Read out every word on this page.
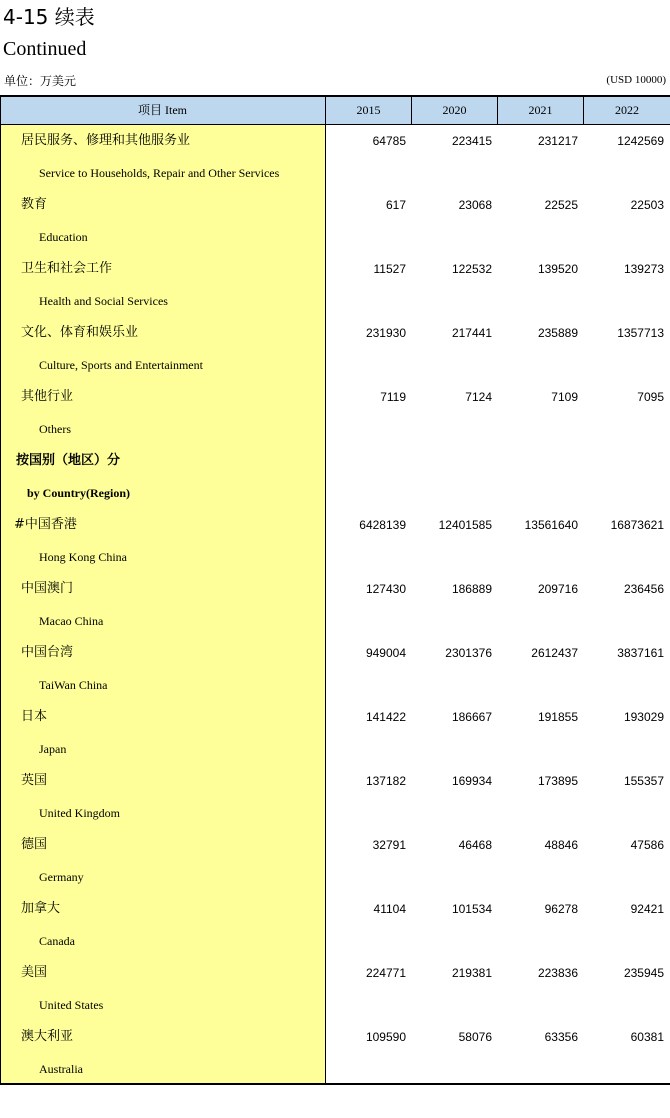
4-15 续表
Continued
单位：万美元	(USD 10000)
项目 Item	2015	2020	2021	2022
居民服务、修理和其他服务业	64785	223415	231217	1242569
Service to Households, Repair and Other Services
教育	617	23068	22525	22503
Education
卫生和社会工作	11527	122532	139520	139273
Health and Social Services
文化、体育和娱乐业	231930	217441	235889	1357713
Culture, Sports and Entertainment
其他行业	7119	7124	7109	7095
Others
按国别（地区）分
by Country(Region)
#中国香港	6428139	12401585	13561640	16873621
Hong Kong China
中国澳门	127430	186889	209716	236456
Macao China
中国台湾	949004	2301376	2612437	3837161
TaiWan China
日本	141422	186667	191855	193029
Japan
英国	137182	169934	173895	155357
United Kingdom
德国	32791	46468	48846	47586
Germany
加拿大	41104	101534	96278	92421
Canada
美国	224771	219381	223836	235945
United States
澳大利亚	109590	58076	63356	60381
Australia
